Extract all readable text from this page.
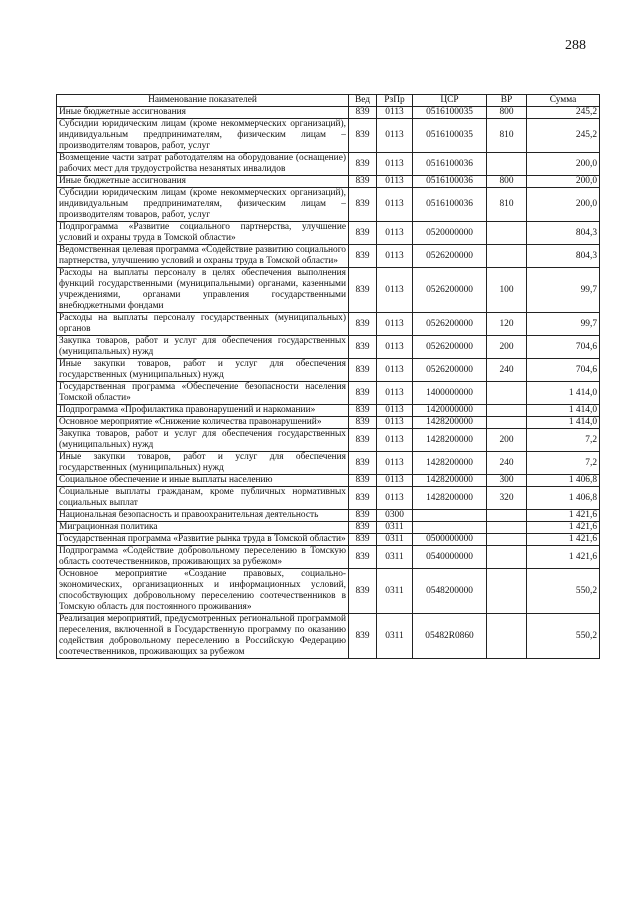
288
Наименование показателей	Вед	РзПр	ЦСР	ВР	Сумма
Иные бюджетные ассигнования	839	0113	0516100035	800	245,2
Субсидии юридическим лицам (кроме некоммерческих организаций), индивидуальным предпринимателям, физическим лицам – производителям товаров, работ, услуг	839	0113	0516100035	810	245,2
Возмещение части затрат работодателям на оборудование (оснащение) рабочих мест для трудоустройства незанятых инвалидов	839	0113	0516100036		200,0
Иные бюджетные ассигнования	839	0113	0516100036	800	200,0
Субсидии юридическим лицам (кроме некоммерческих организаций), индивидуальным предпринимателям, физическим лицам – производителям товаров, работ, услуг	839	0113	0516100036	810	200,0
Подпрограмма «Развитие социального партнерства, улучшение условий и охраны труда в Томской области»	839	0113	0520000000		804,3
Ведомственная целевая программа «Содействие развитию социального партнерства, улучшению условий и охраны труда в Томской области»	839	0113	0526200000		804,3
Расходы на выплаты персоналу в целях обеспечения выполнения функций государственными (муниципальными) органами, казенными учреждениями, органами управления государственными внебюджетными фондами	839	0113	0526200000	100	99,7
Расходы на выплаты персоналу государственных (муниципальных) органов	839	0113	0526200000	120	99,7
Закупка товаров, работ и услуг для обеспечения государственных (муниципальных) нужд	839	0113	0526200000	200	704,6
Иные закупки товаров, работ и услуг для обеспечения государственных (муниципальных) нужд	839	0113	0526200000	240	704,6
Государственная программа «Обеспечение безопасности населения Томской области»	839	0113	1400000000		1 414,0
Подпрограмма «Профилактика правонарушений и наркомании»	839	0113	1420000000		1 414,0
Основное мероприятие «Снижение количества правонарушений»	839	0113	1428200000		1 414,0
Закупка товаров, работ и услуг для обеспечения государственных (муниципальных) нужд	839	0113	1428200000	200	7,2
Иные закупки товаров, работ и услуг для обеспечения государственных (муниципальных) нужд	839	0113	1428200000	240	7,2
Социальное обеспечение и иные выплаты населению	839	0113	1428200000	300	1 406,8
Социальные выплаты гражданам, кроме публичных нормативных социальных выплат	839	0113	1428200000	320	1 406,8
Национальная безопасность и правоохранительная деятельность	839	0300			1 421,6
Миграционная политика	839	0311			1 421,6
Государственная программа «Развитие рынка труда в Томской области»	839	0311	0500000000		1 421,6
Подпрограмма «Содействие добровольному переселению в Томскую область соотечественников, проживающих за рубежом»	839	0311	0540000000		1 421,6
Основное мероприятие «Создание правовых, социально-экономических, организационных и информационных условий, способствующих добровольному переселению соотечественников в Томскую область для постоянного проживания»	839	0311	0548200000		550,2
Реализация мероприятий, предусмотренных региональной программой переселения, включенной в Государственную программу по оказанию содействия добровольному переселению в Российскую Федерацию соотечественников, проживающих за рубежом	839	0311	05482R0860		550,2
